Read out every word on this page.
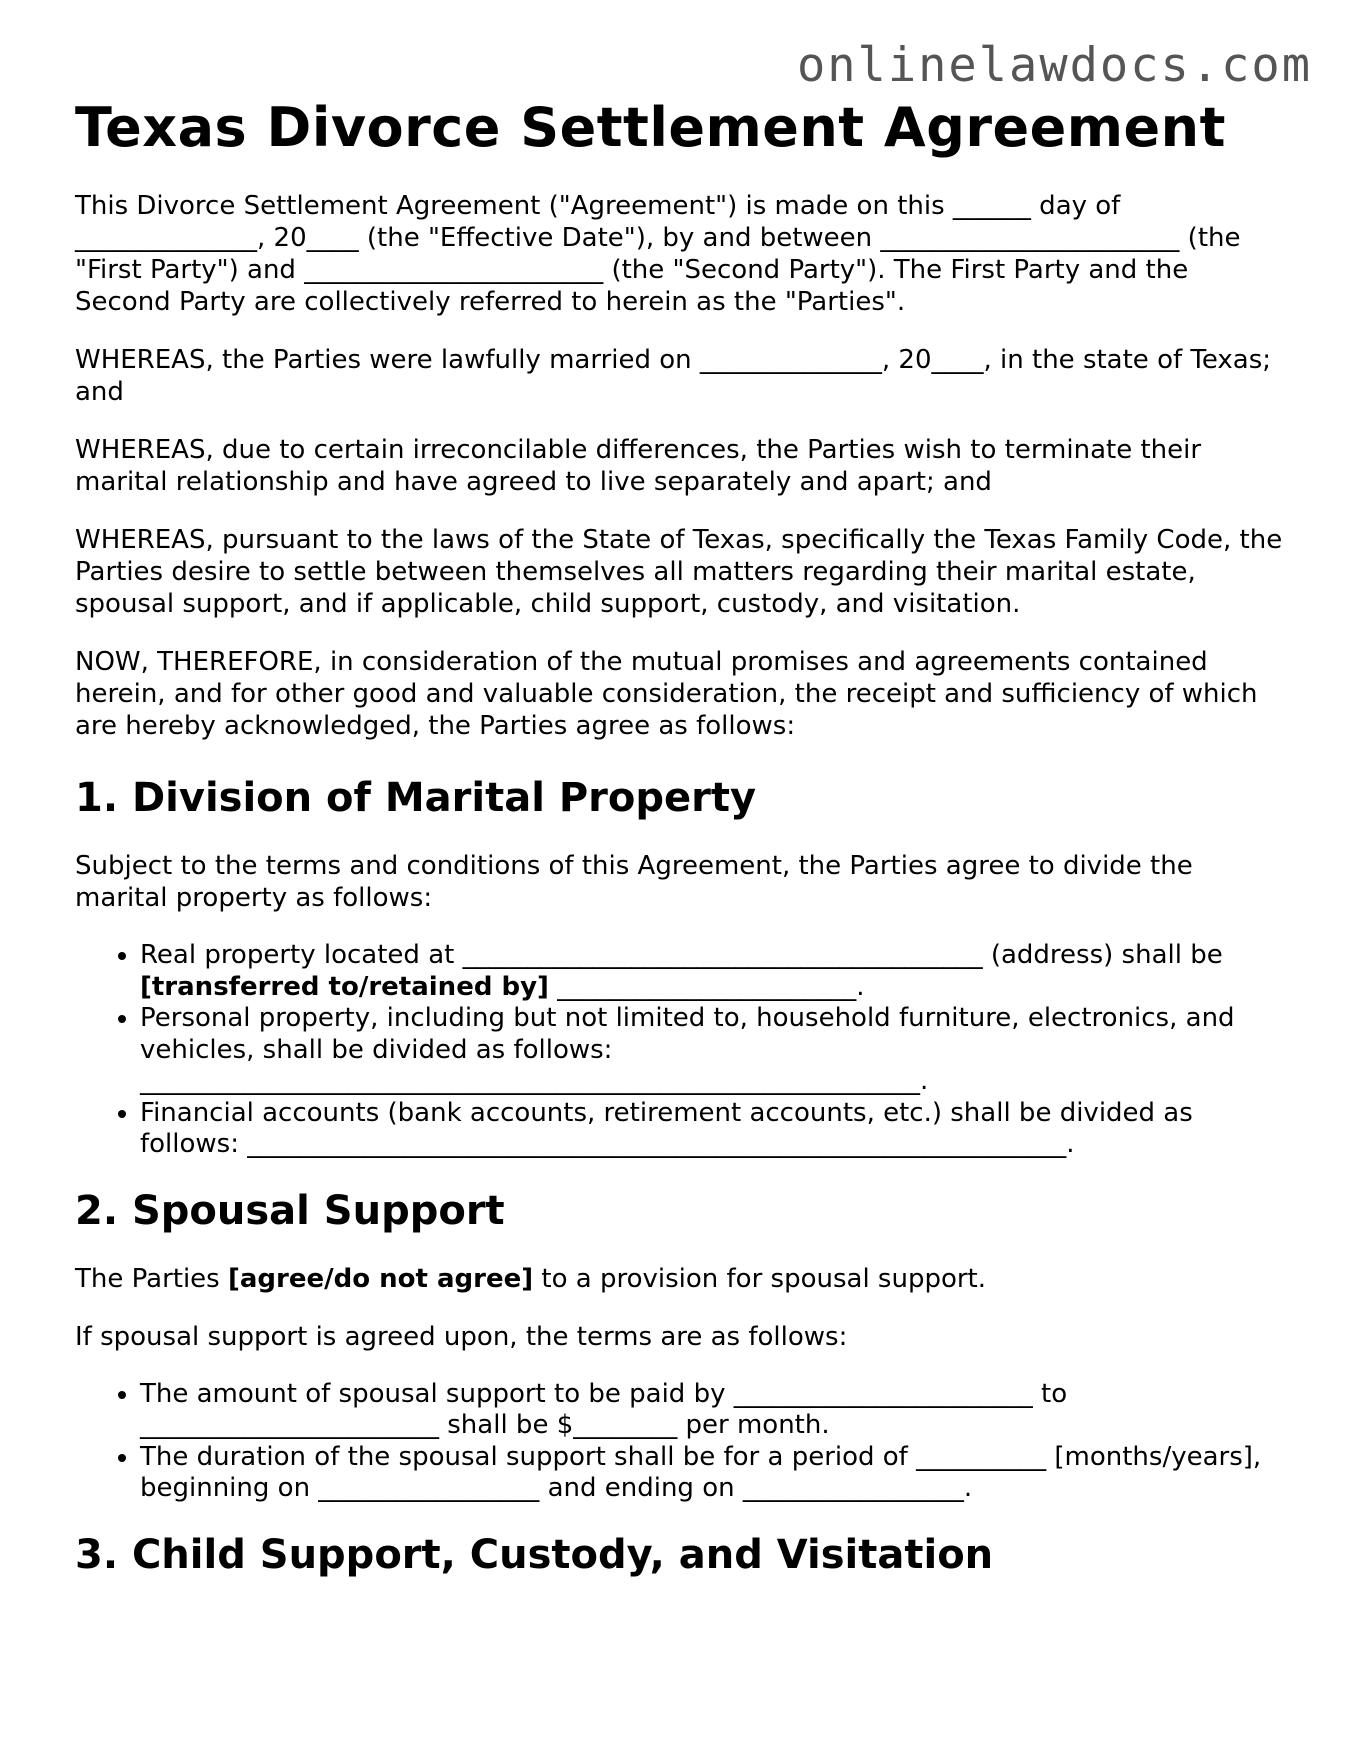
onlinelawdocs.com
Texas Divorce Settlement Agreement

This Divorce Settlement Agreement ("Agreement") is made on this ______ day of ______________, 20____ (the "Effective Date"), by and between _______________________ (the "First Party") and _______________________ (the "Second Party"). The First Party and the Second Party are collectively referred to herein as the "Parties".

WHEREAS, the Parties were lawfully married on ______________, 20____, in the state of Texas; and

WHEREAS, due to certain irreconcilable differences, the Parties wish to terminate their marital relationship and have agreed to live separately and apart; and

WHEREAS, pursuant to the laws of the State of Texas, specifically the Texas Family Code, the Parties desire to settle between themselves all matters regarding their marital estate, spousal support, and if applicable, child support, custody, and visitation.

NOW, THEREFORE, in consideration of the mutual promises and agreements contained herein, and for other good and valuable consideration, the receipt and sufficiency of which are hereby acknowledged, the Parties agree as follows:

1. Division of Marital Property

Subject to the terms and conditions of this Agreement, the Parties agree to divide the marital property as follows:

• Real property located at ________________________________________ (address) shall be [transferred to/retained by] _______________________.
• Personal property, including but not limited to, household furniture, electronics, and vehicles, shall be divided as follows: ____________________________________________________________.
• Financial accounts (bank accounts, retirement accounts, etc.) shall be divided as follows: _______________________________________________________________.
2. Spousal Support

The Parties [agree/do not agree] to a provision for spousal support.

If spousal support is agreed upon, the terms are as follows:

• The amount of spousal support to be paid by _______________________ to _______________________ shall be $________ per month.
• The duration of the spousal support shall be for a period of __________ [months/years], beginning on _________________ and ending on _________________.
3. Child Support, Custody, and Visitation
